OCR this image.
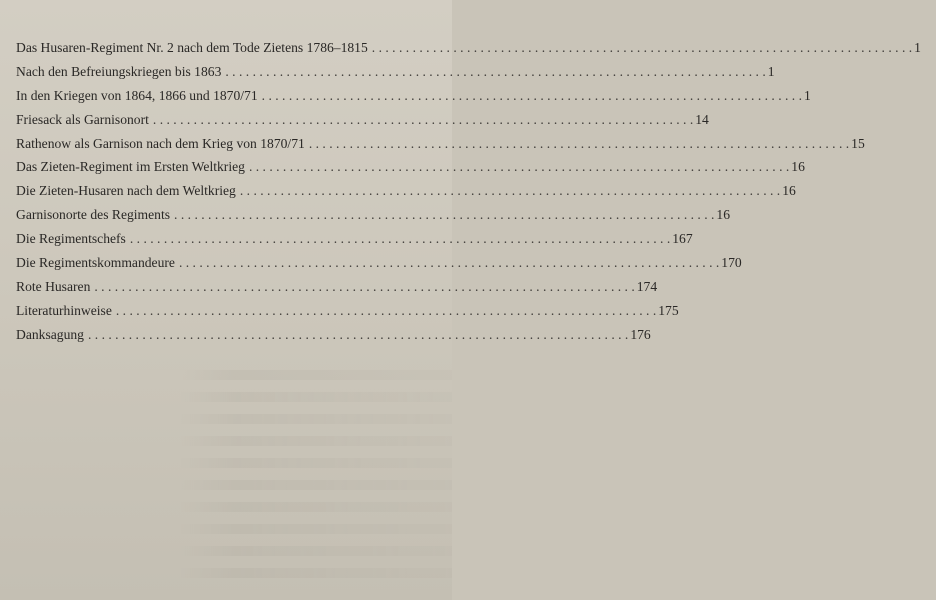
Das Husaren-Regiment Nr. 2 nach dem Tode Zietens 1786–1815 . . .	1
Nach den Befreiungskriegen bis 1863 . . .	1
In den Kriegen von 1864, 1866 und 1870/71 . . .	1
Friesack als Garnisonort . . .	14
Rathenow als Garnison nach dem Krieg von 1870/71 . . .	15
Das Zieten-Regiment im Ersten Weltkrieg . . .	16
Die Zieten-Husaren nach dem Weltkrieg . . .	16
Garnisonorte des Regiments . . .	16
Die Regimentschefs . . .	167
Die Regimentskommandeure . . .	170
Rote Husaren . . .	174
Literaturhinweise . . .	175
Danksagung . . .	176
